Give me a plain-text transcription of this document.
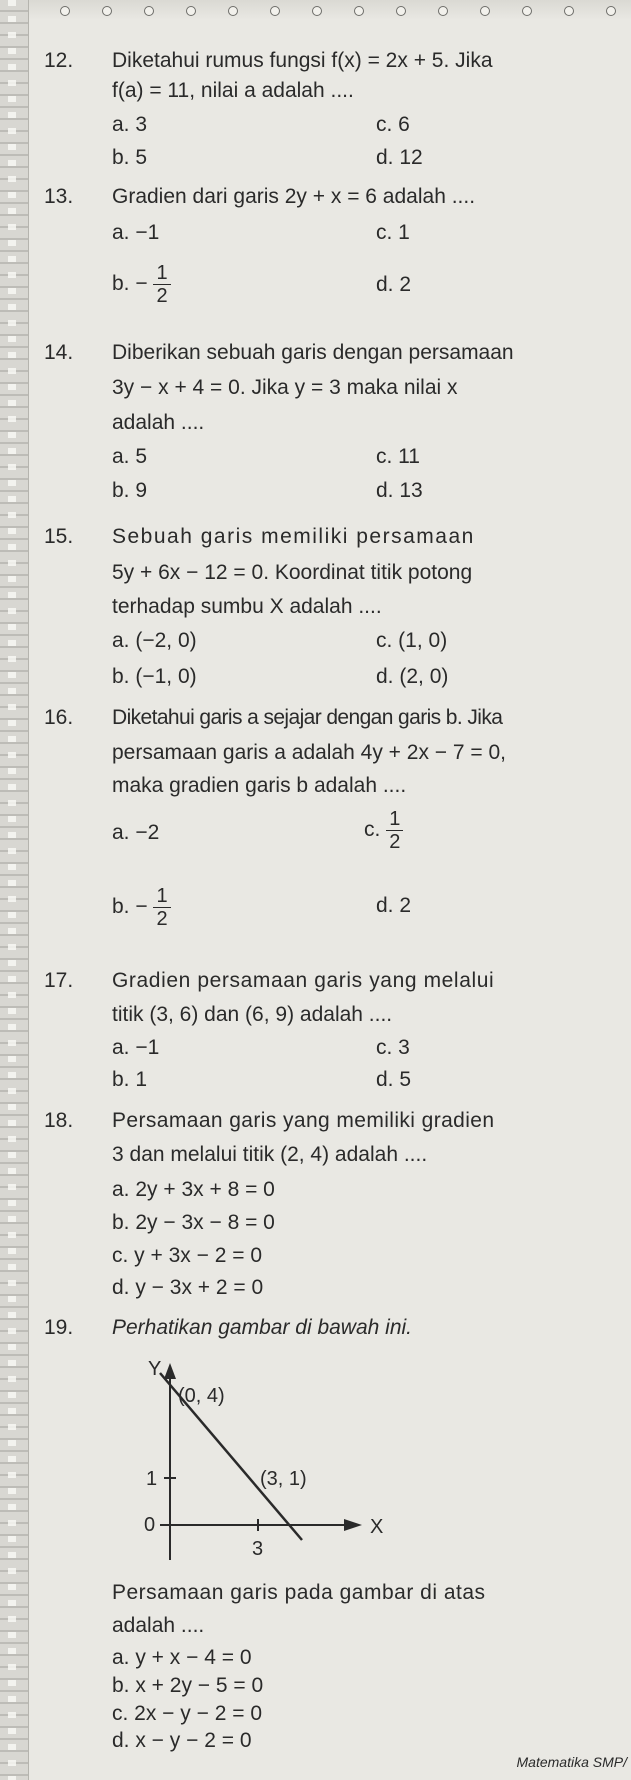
12. Diketahui rumus fungsi f(x) = 2x + 5. Jika
f(a) = 11, nilai a adalah ....
a. 3	c. 6
b. 5	d. 12
13. Gradien dari garis 2y + x = 6 adalah ....
a. −1	c. 1
b. − $\frac{1}{2}$	d. 2
14. Diberikan sebuah garis dengan persamaan
3y − x + 4 = 0. Jika y = 3 maka nilai x
adalah ....
a. 5	c. 11
b. 9	d. 13
15. Sebuah garis memiliki persamaan
5y + 6x − 12 = 0. Koordinat titik potong
terhadap sumbu X adalah ....
a. (−2, 0)	c. (1, 0)
b. (−1, 0)	d. (2, 0)
16. Diketahui garis a sejajar dengan garis b. Jika
persamaan garis a adalah 4y + 2x − 7 = 0,
maka gradien garis b adalah ....
a. −2	c. $\frac{1}{2}$
b. − $\frac{1}{2}$	d. 2
17. Gradien persamaan garis yang melalui
titik (3, 6) dan (6, 9) adalah ....
a. −1	c. 3
b. 1	d. 5
18. Persamaan garis yang memiliki gradien
3 dan melalui titik (2, 4) adalah ....
a. 2y + 3x + 8 = 0
b. 2y − 3x − 8 = 0
c. y + 3x − 2 = 0
d. y − 3x + 2 = 0
19. Perhatikan gambar di bawah ini.
Y
X
0
1
3
(0, 4)
(3, 1)
Persamaan garis pada gambar di atas
adalah ....
a. y + x − 4 = 0
b. x + 2y − 5 = 0
c. 2x − y − 2 = 0
d. x − y − 2 = 0
Matematika SMP/
